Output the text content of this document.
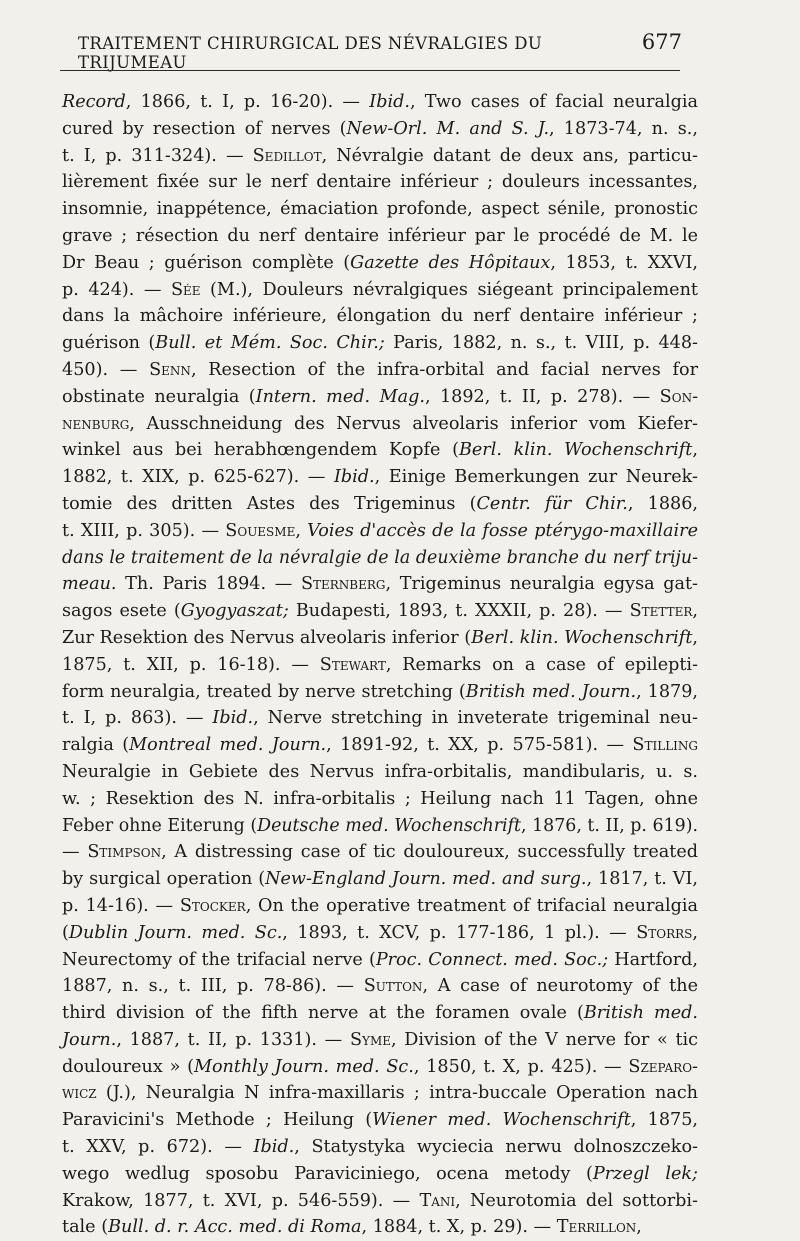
TRAITEMENT CHIRURGICAL DES NÉVRALGIES DU TRIJUMEAU
677
Record, 1866, t. I, p. 16-20). — Ibid., Two cases of facial neuralgia
cured by resection of nerves (New-Orl. M. and S. J., 1873-74, n. s.,
t. I, p. 311-324). — Sedillot, Névralgie datant de deux ans, particu-
lièrement fixée sur le nerf dentaire inférieur ; douleurs incessantes,
insomnie, inappétence, émaciation profonde, aspect sénile, pronostic
grave ; résection du nerf dentaire inférieur par le procédé de M. le
Dr Beau ; guérison complète (Gazette des Hôpitaux, 1853, t. XXVI,
p. 424). — Sée (M.), Douleurs névralgiques siégeant principalement
dans la mâchoire inférieure, élongation du nerf dentaire inférieur ;
guérison (Bull. et Mém. Soc. Chir.; Paris, 1882, n. s., t. VIII, p. 448-
450). — Senn, Resection of the infra-orbital and facial nerves for
obstinate neuralgia (Intern. med. Mag., 1892, t. II, p. 278). — Son-
nenburg, Ausschneidung des Nervus alveolaris inferior vom Kiefer-
winkel aus bei herabhœngendem Kopfe (Berl. klin. Wochenschrift,
1882, t. XIX, p. 625-627). — Ibid., Einige Bemerkungen zur Neurek-
tomie des dritten Astes des Trigeminus (Centr. für Chir., 1886,
t. XIII, p. 305). — Souesme, Voies d'accès de la fosse ptérygo-maxillaire
dans le traitement de la névralgie de la deuxième branche du nerf triju-
meau. Th. Paris 1894. — Sternberg, Trigeminus neuralgia egysa gat-
sagos esete (Gyogyaszat; Budapesti, 1893, t. XXXII, p. 28). — Stetter,
Zur Resektion des Nervus alveolaris inferior (Berl. klin. Wochenschrift,
1875, t. XII, p. 16-18). — Stewart, Remarks on a case of epilepti-
form neuralgia, treated by nerve stretching (British med. Journ., 1879,
t. I, p. 863). — Ibid., Nerve stretching in inveterate trigeminal neu-
ralgia (Montreal med. Journ., 1891-92, t. XX, p. 575-581). — Stilling
Neuralgie in Gebiete des Nervus infra-orbitalis, mandibularis, u. s.
w. ; Resektion des N. infra-orbitalis ; Heilung nach 11 Tagen, ohne
Feber ohne Eiterung (Deutsche med. Wochenschrift, 1876, t. II, p. 619).
— Stimpson, A distressing case of tic douloureux, successfully treated
by surgical operation (New-England Journ. med. and surg., 1817, t. VI,
p. 14-16). — Stocker, On the operative treatment of trifacial neuralgia
(Dublin Journ. med. Sc., 1893, t. XCV, p. 177-186, 1 pl.). — Storrs,
Neurectomy of the trifacial nerve (Proc. Connect. med. Soc.; Hartford,
1887, n. s., t. III, p. 78-86). — Sutton, A case of neurotomy of the
third division of the fifth nerve at the foramen ovale (British med.
Journ., 1887, t. II, p. 1331). — Syme, Division of the V nerve for « tic
douloureux » (Monthly Journ. med. Sc., 1850, t. X, p. 425). — Szeparo-
wicz (J.), Neuralgia N infra-maxillaris ; intra-buccale Operation nach
Paravicini's Methode ; Heilung (Wiener med. Wochenschrift, 1875,
t. XXV, p. 672). — Ibid., Statystyka wyciecia nerwu dolnoszczeko-
wego wedlug sposobu Paraviciniego, ocena metody (Przegl lek;
Krakow, 1877, t. XVI, p. 546-559). — Tani, Neurotomia del sottorbi-
tale (Bull. d. r. Acc. med. di Roma, 1884, t. X, p. 29). — Terrillon,
